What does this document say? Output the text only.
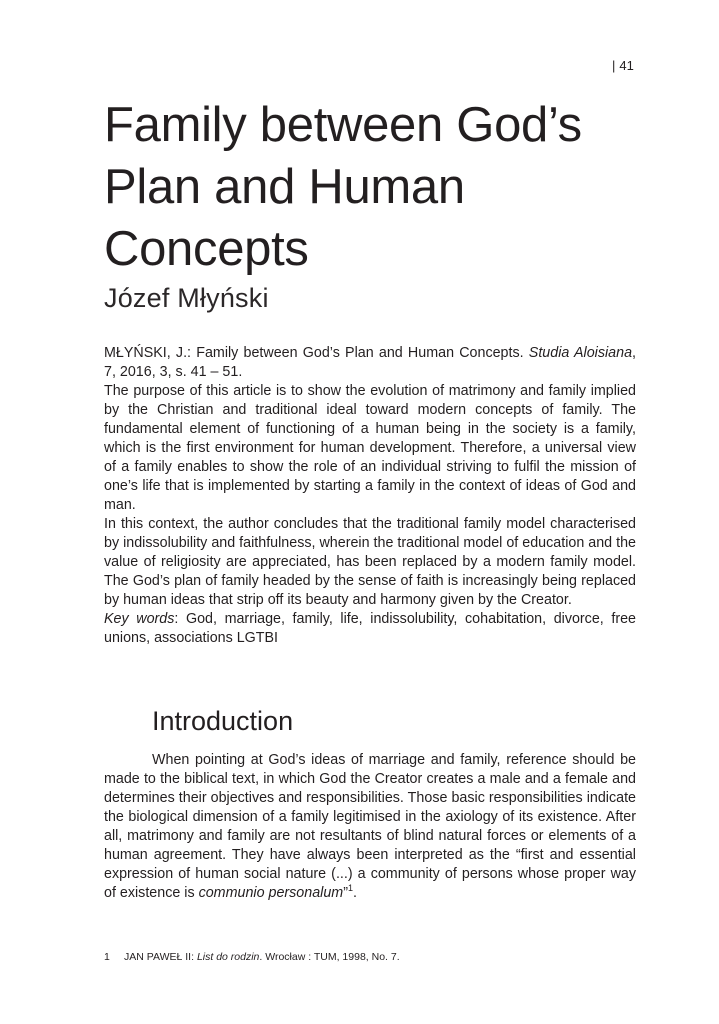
| 41
Family between God’s
Plan and Human
Concepts
Józef Młyński

MŁYŃSKI, J.: Family between God’s Plan and Human Concepts. Studia Aloisiana, 7, 2016, 3, s. 41 – 51.

The purpose of this article is to show the evolution of matrimony and family implied by the Christian and traditional ideal toward modern concepts of family. The fundamental element of functioning of a human being in the society is a family, which is the first environment for human development. Therefore, a universal view of a family enables to show the role of an individual striving to fulfil the mission of one’s life that is implemented by starting a family in the context of ideas of God and man.

In this context, the author concludes that the traditional family model characterised by indissolubility and faithfulness, wherein the traditional model of education and the value of religiosity are appreciated, has been replaced by a modern family model. The God’s plan of family headed by the sense of faith is increasingly being replaced by human ideas that strip off its beauty and harmony given by the Creator.

Key words: God, marriage, family, life, indissolubility, cohabitation, divorce, free unions, associations LGTBI

Introduction

When pointing at God’s ideas of marriage and family, reference should be made to the biblical text, in which God the Creator creates a male and a female and determines their objectives and responsibilities. Those basic responsibilities indicate the biological dimension of a family legitimised in the axiology of its existence. After all, matrimony and family are not resultants of blind natural forces or elements of a human agreement. They have always been interpreted as the “first and essential expression of human social nature (...) a community of persons whose proper way of existence is communio personalum”$^1$.

1 JAN PAWEŁ II: List do rodzin. Wrocław : TUM, 1998, No. 7.
